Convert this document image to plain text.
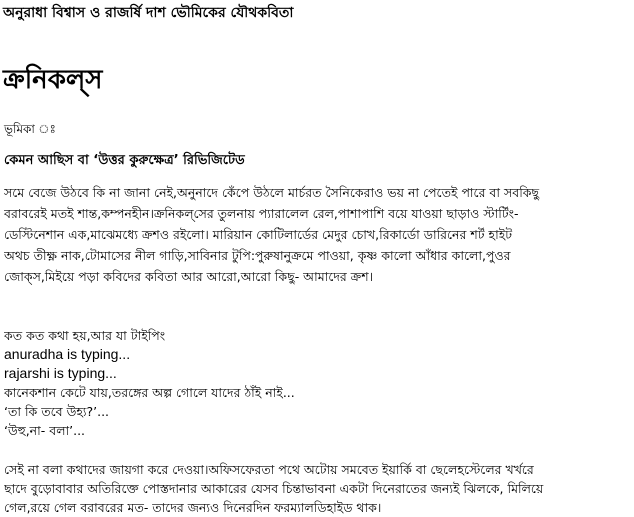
অনুরাধা বিশ্বাস ও রাজর্ষি দাশ ভৌমিকের যৌথকবিতা
ক্রনিকল্‌স

ভূমিকা ঃ

কেমন আছিস বা ‘উত্তর কুরুক্ষেত্র’ রিভিজিটেড

সমে বেজে উঠবে কি না জানা নেই,অনুনাদে কেঁপে উঠলে মার্চরত সৈনিকেরাও ভয় না পেতেই পারে বা সবকিছু
বরাবরেই মতই শান্ত,কম্পনহীন।ক্রনিকল্‌সের তুলনায় প্যারালেল রেল,পাশাপাশি বয়ে যাওয়া ছাড়াও স্টার্টিং-
ডেস্টিনেশান এক,মাঝেমধ্যে ক্রশও রইলো। মারিয়ান কোটিলার্ডের মেদুর চোখ,রিকার্ডো ডারিনের শর্ট হাইট
অথচ তীক্ষ্ণ নাক,টোমাসের নীল গাড়ি,সাবিনার টুপি:পুরুষানুক্রমে পাওয়া, কৃষ্ণ কালো আঁধার কালো,পুওর
জোক্‌স,মিইয়ে পড়া কবিদের কবিতা আর আরো,আরো কিছু- আমাদের ক্রশ।

কত কত কথা হয়,আর যা টাইপিং
anuradha is typing...
rajarshi is typing...
কানেকশান কেটে যায়,তরঙ্গের অল্প গোলে যাদের ঠাঁই নাই...
‘তা কি তবে উহ্য?’...
‘উহু,না- বলা’...

সেই না বলা কথাদের জায়গা করে দেওয়া।অফিসফেরতা পথে অটোয় সমবেত ইয়ার্কি বা ছেলেহস্টেলের খর্খরে
ছাদে বুড়োবাবার অতিরিক্তে পোস্তদানার আকারের যেসব চিন্তাভাবনা একটা দিনেরাতের জন্যই ঝিলকে, মিলিয়ে
গেল,রয়ে গেল বরাবরের মত- তাদের জন্যও দিনেরদিন ফরম্যালডিহাইড থাক।
